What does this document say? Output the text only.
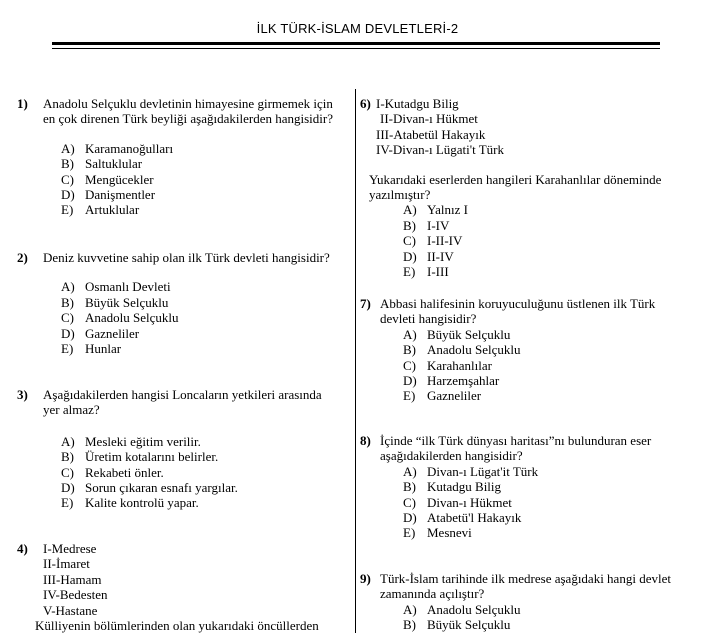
İLK TÜRK-İSLAM DEVLETLERİ-2
1)	Anadolu Selçuklu devletinin himayesine girmemek için
en çok direnen Türk beyliği aşağıdakilerden hangisidir?
A) Karamanoğulları
B) Saltuklular
C) Mengücekler
D) Danişmentler
E) Artuklular
2)	Deniz kuvvetine sahip olan ilk Türk devleti hangisidir?
A) Osmanlı Devleti
B) Büyük Selçuklu
C) Anadolu Selçuklu
D) Gazneliler
E) Hunlar
3)	Aşağıdakilerden hangisi Loncaların yetkileri arasında
yer almaz?
A) Mesleki eğitim verilir.
B) Üretim kotalarını belirler.
C) Rekabeti önler.
D) Sorun çıkaran esnafı yargılar.
E) Kalite kontrolü yapar.
4)	I-Medrese
II-İmaret
III-Hamam
IV-Bedesten
V-Hastane
Külliyenin bölümlerinden olan yukarıdaki öncüllerden
6) I-Kutadgu Bilig
II-Divan-ı Hükmet
III-Atabetül Hakayık
IV-Divan-ı Lügati't Türk
Yukarıdaki eserlerden hangileri Karahanlılar döneminde
yazılmıştır?
A) Yalnız I
B) I-IV
C) I-II-IV
D) II-IV
E) I-III
7) Abbasi halifesinin koruyuculuğunu üstlenen ilk Türk
devleti hangisidir?
A) Büyük Selçuklu
B) Anadolu Selçuklu
C) Karahanlılar
D) Harzemşahlar
E) Gazneliler
8) İçinde “ilk Türk dünyası haritası”nı bulunduran eser
aşağıdakilerden hangisidir?
A) Divan-ı Lügat'it Türk
B) Kutadgu Bilig
C) Divan-ı Hükmet
D) Atabetü'l Hakayık
E) Mesnevi
9) Türk-İslam tarihinde ilk medrese aşağıdaki hangi devlet
zamanında açılıştır?
A) Anadolu Selçuklu
B) Büyük Selçuklu
